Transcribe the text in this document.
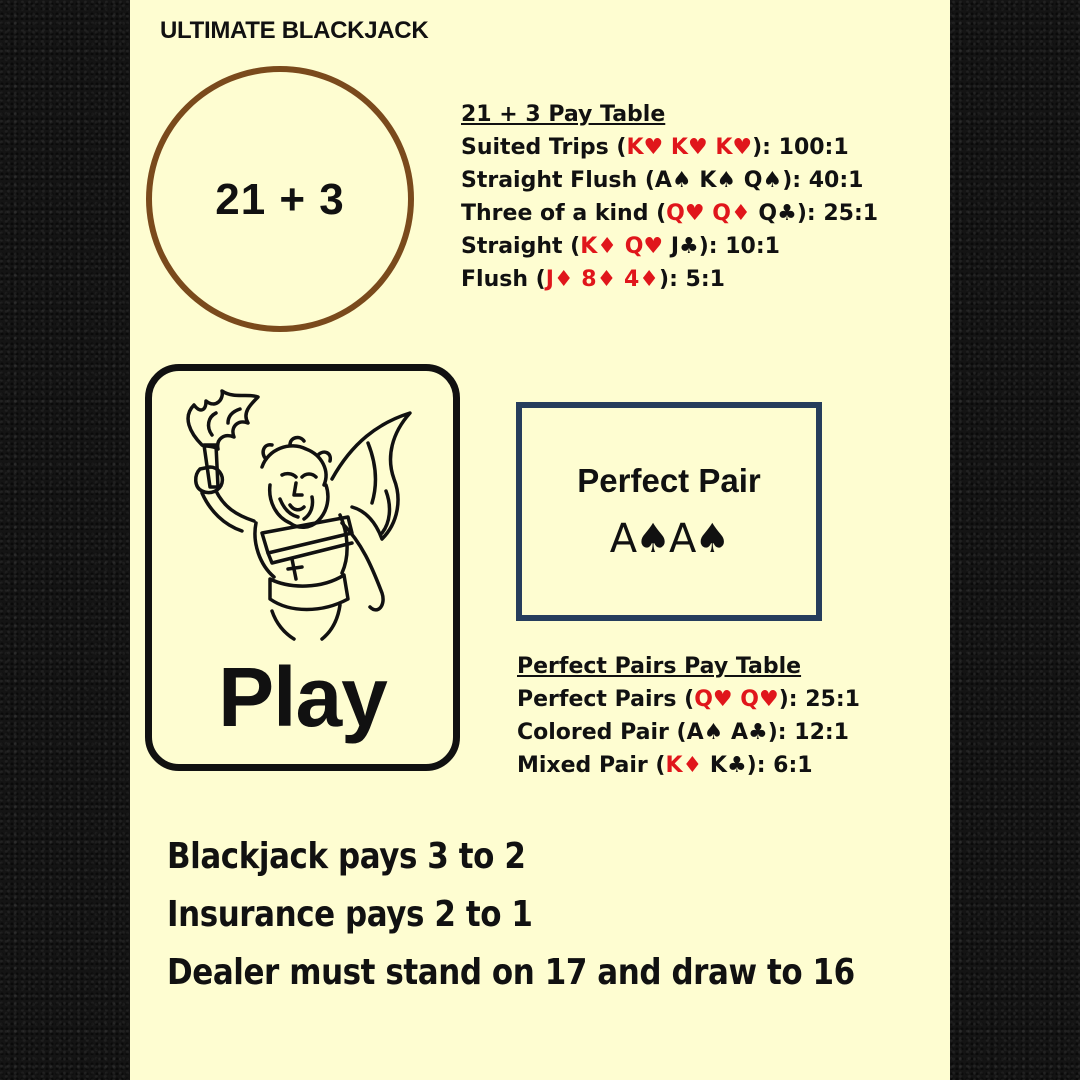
ULTIMATE BLACKJACK
21 + 3
21 + 3 Pay Table
Suited Trips (K♥ K♥ K♥): 100:1
Straight Flush (A♠ K♠ Q♠): 40:1
Three of a kind (Q♥ Q♦ Q♣): 25:1
Straight (K♦ Q♥ J♣): 10:1
Flush (J♦ 8♦ 4♦): 5:1
Play
Perfect Pair
A♠A♠
Perfect Pairs Pay Table
Perfect Pairs (Q♥ Q♥): 25:1
Colored Pair (A♠ A♣): 12:1
Mixed Pair (K♦ K♣): 6:1
Blackjack pays 3 to 2
Insurance pays 2 to 1
Dealer must stand on 17 and draw to 16
